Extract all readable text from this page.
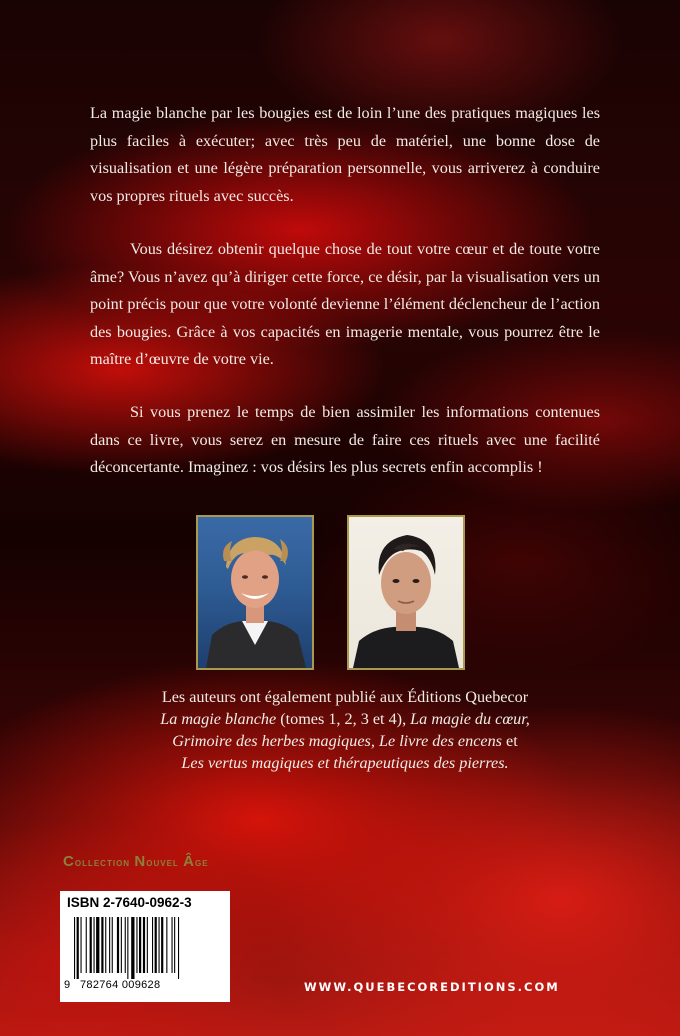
La magie blanche par les bougies est de loin l’une des pratiques magiques les plus faciles à exécuter; avec très peu de matériel, une bonne dose de visualisation et une légère préparation personnelle, vous arriverez à conduire vos propres rituels avec succès.

Vous désirez obtenir quelque chose de tout votre cœur et de toute votre âme? Vous n’avez qu’à diriger cette force, ce désir, par la visualisation vers un point précis pour que votre volonté devienne l’élément déclencheur de l’action des bougies. Grâce à vos capacités en imagerie mentale, vous pourrez être le maître d’œuvre de votre vie.

Si vous prenez le temps de bien assimiler les informations contenues dans ce livre, vous serez en mesure de faire ces rituels avec une facilité déconcertante. Imaginez : vos désirs les plus secrets enfin accomplis !

Les auteurs ont également publié aux Éditions Quebecor
La magie blanche (tomes 1, 2, 3 et 4), La magie du cœur,
Grimoire des herbes magiques, Le livre des encens et
Les vertus magiques et thérapeutiques des pierres.
Collection Nouvel Âge
ISBN 2-7640-0962-3
9 782764 009628	WWW.QUEBECOREDITIONS.COM
